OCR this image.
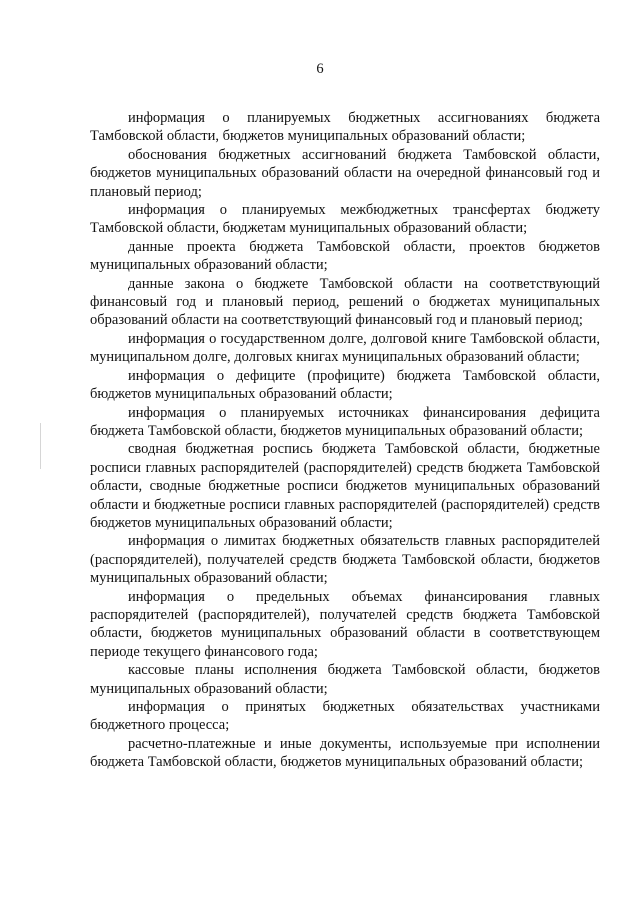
6

информация о планируемых бюджетных ассигнованиях бюджета Тамбовской области, бюджетов муниципальных образований области;

обоснования бюджетных ассигнований бюджета Тамбовской области, бюджетов муниципальных образований области на очередной финансовый год и плановый период;

информация о планируемых межбюджетных трансфертах бюджету Тамбовской области, бюджетам муниципальных образований области;

данные проекта бюджета Тамбовской области, проектов бюджетов муниципальных образований области;

данные закона о бюджете Тамбовской области на соответствующий финансовый год и плановый период, решений о бюджетах муниципальных образований области на соответствующий финансовый год и плановый период;

информация о государственном долге, долговой книге Тамбовской области, муниципальном долге, долговых книгах муниципальных образований области;

информация о дефиците (профиците) бюджета Тамбовской области, бюджетов муниципальных образований области;

информация о планируемых источниках финансирования дефицита бюджета Тамбовской области, бюджетов муниципальных образований области;

сводная бюджетная роспись бюджета Тамбовской области, бюджетные росписи главных распорядителей (распорядителей) средств бюджета Тамбовской области, сводные бюджетные росписи бюджетов муниципальных образований области и бюджетные росписи главных распорядителей (распорядителей) средств бюджетов муниципальных образований области;

информация о лимитах бюджетных обязательств главных распорядителей (распорядителей), получателей средств бюджета Тамбовской области, бюджетов муниципальных образований области;

информация о предельных объемах финансирования главных распорядителей (распорядителей), получателей средств бюджета Тамбовской области, бюджетов муниципальных образований области в соответствующем периоде текущего финансового года;

кассовые планы исполнения бюджета Тамбовской области, бюджетов муниципальных образований области;

информация о принятых бюджетных обязательствах участниками бюджетного процесса;

расчетно-платежные и иные документы, используемые при исполнении бюджета Тамбовской области, бюджетов муниципальных образований области;
